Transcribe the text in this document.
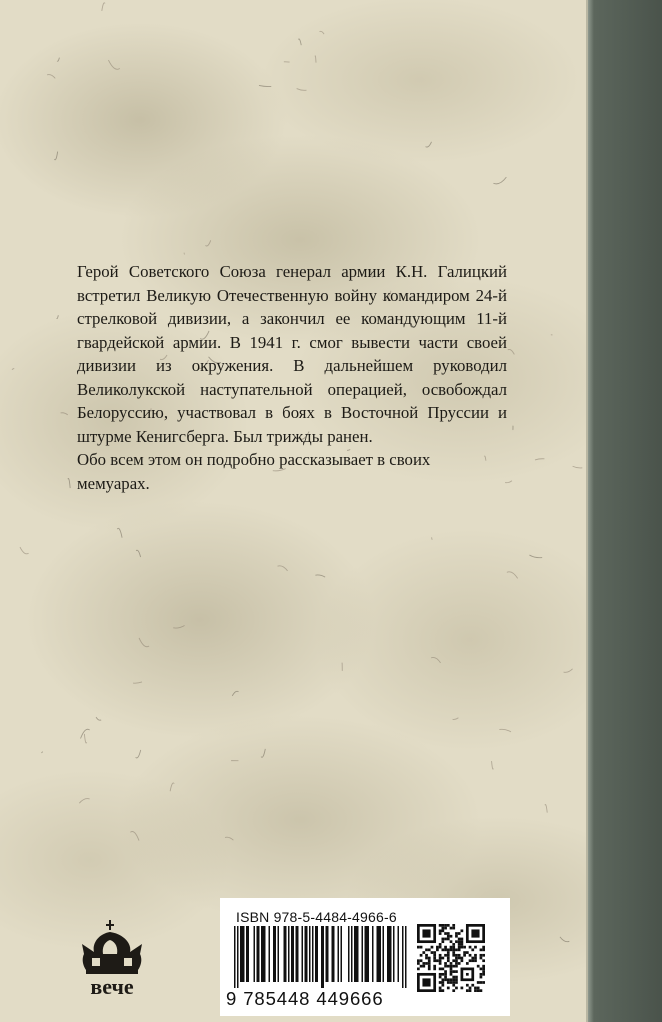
Герой Советского Союза генерал армии К.Н. Галицкий встретил Великую Отечественную войну командиром 24-й стрелковой дивизии, а закончил ее командующим 11-й гвардейской армии. В 1941 г. смог вывести части своей дивизии из окружения. В дальнейшем руководил Великолукской наступательной операцией, освобождал Белоруссию, участвовал в боях в Восточной Пруссии и штурме Кенигсберга. Был трижды ранен.

Обо всем этом он подробно рассказывает в своих мемуарах.

вече
ISBN 978-5-4484-4966-6
9 785448 449666
